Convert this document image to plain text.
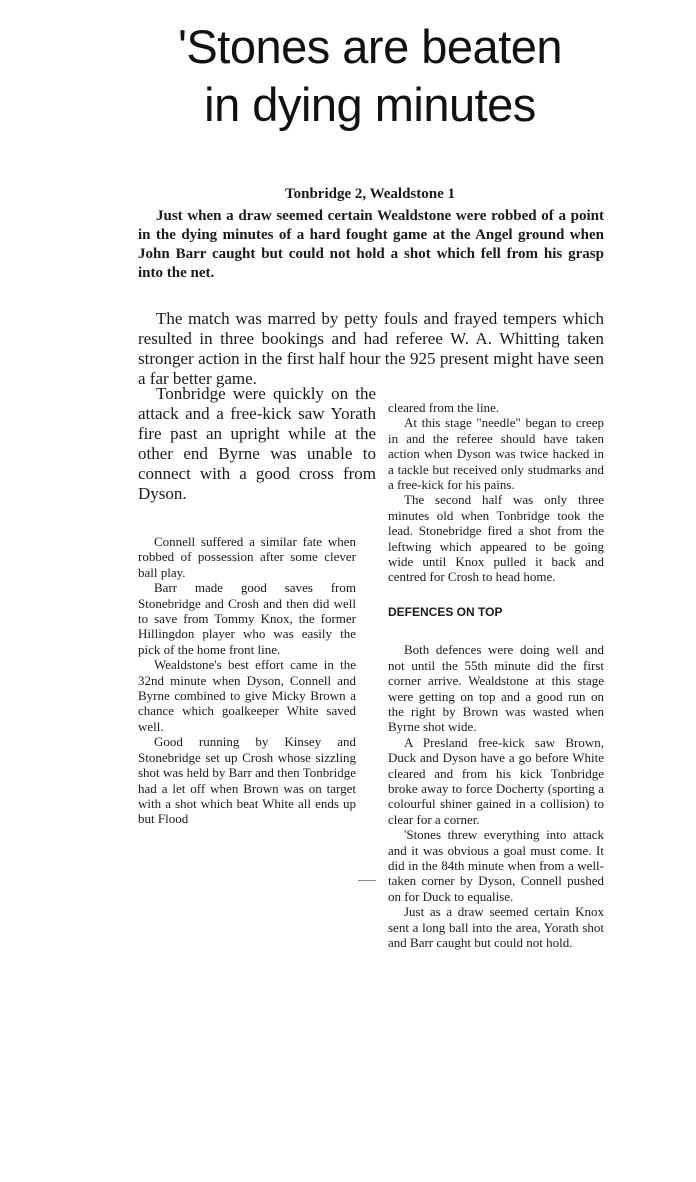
'Stones are beaten
in dying minutes
Tonbridge 2, Wealdstone 1

Just when a draw seemed certain Wealdstone were robbed of a point in the dying minutes of a hard fought game at the Angel ground when John Barr caught but could not hold a shot which fell from his grasp into the net.

The match was marred by petty fouls and frayed tempers which resulted in three bookings and had referee W. A. Whitting taken stronger action in the first half hour the 925 present might have seen a far better game.

Tonbridge were quickly on the attack and a free-kick saw Yorath fire past an upright while at the other end Byrne was unable to connect with a good cross from Dyson.

Connell suffered a similar fate when robbed of possession after some clever ball play.

Barr made good saves from Stonebridge and Crosh and then did well to save from Tommy Knox, the former Hillingdon player who was easily the pick of the home front line.

Wealdstone's best effort came in the 32nd minute when Dyson, Connell and Byrne combined to give Micky Brown a chance which goalkeeper White saved well.

Good running by Kinsey and Stonebridge set up Crosh whose sizzling shot was held by Barr and then Tonbridge had a let off when Brown was on target with a shot which beat White all ends up but Flood

cleared from the line.

At this stage "needle" began to creep in and the referee should have taken action when Dyson was twice hacked in a tackle but received only studmarks and a free-kick for his pains.

The second half was only three minutes old when Tonbridge took the lead. Stonebridge fired a shot from the leftwing which appeared to be going wide until Knox pulled it back and centred for Crosh to head home.

DEFENCES ON TOP

Both defences were doing well and not until the 55th minute did the first corner arrive. Wealdstone at this stage were getting on top and a good run on the right by Brown was wasted when Byrne shot wide.

A Presland free-kick saw Brown, Duck and Dyson have a go before White cleared and from his kick Tonbridge broke away to force Docherty (sporting a colourful shiner gained in a collision) to clear for a corner.

'Stones threw everything into attack and it was obvious a goal must come. It did in the 84th minute when from a well-taken corner by Dyson, Connell pushed on for Duck to equalise.

Just as a draw seemed certain Knox sent a long ball into the area, Yorath shot and Barr caught but could not hold.
